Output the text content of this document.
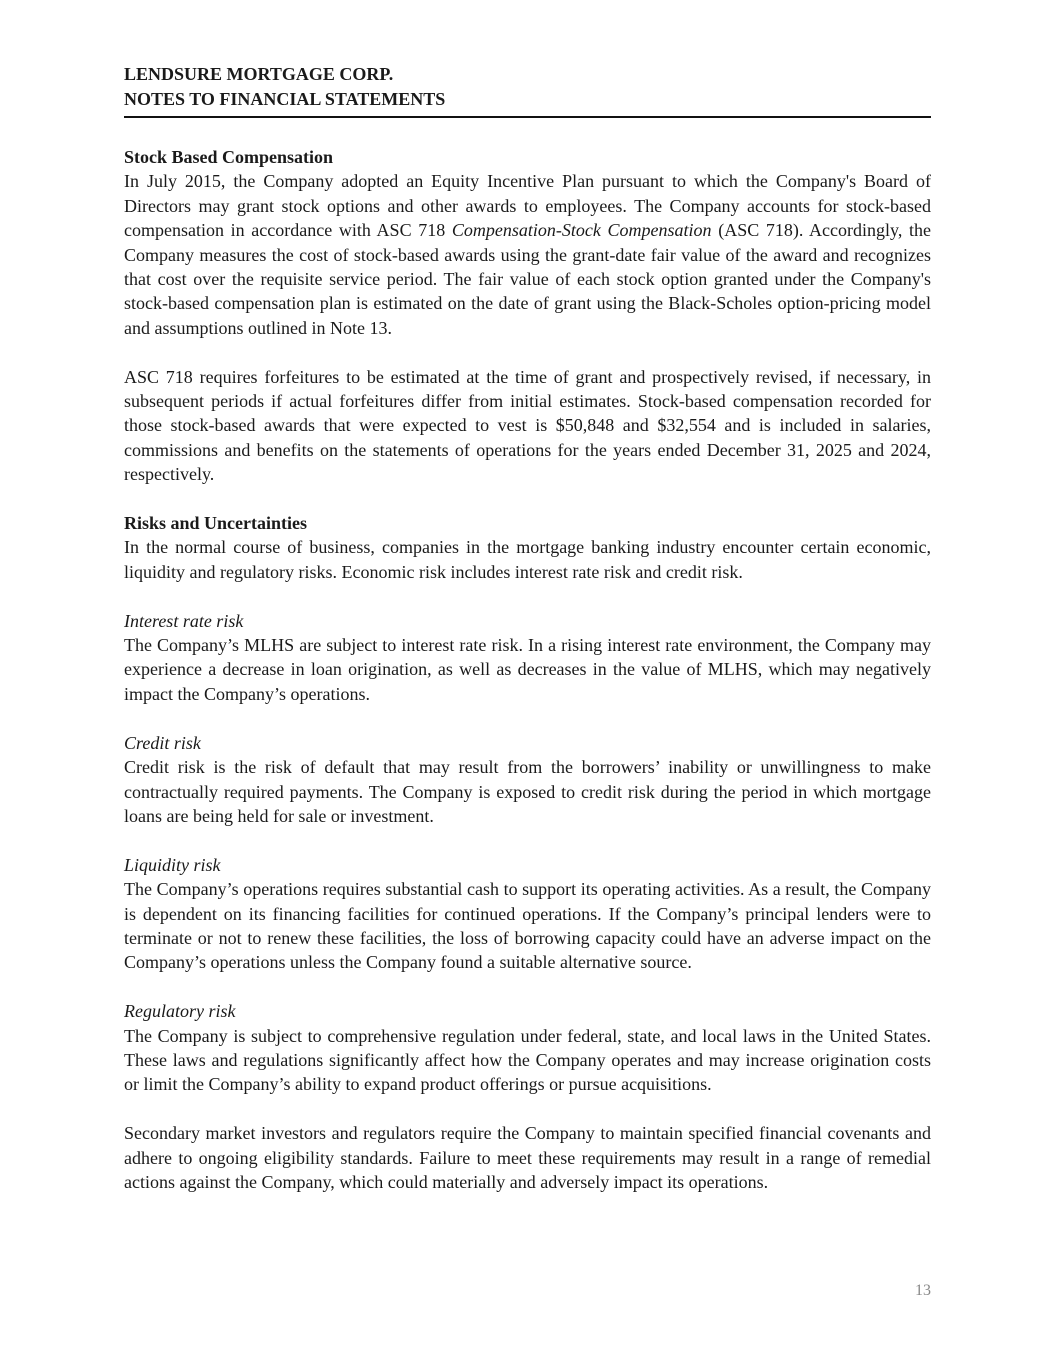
LENDSURE MORTGAGE CORP.
NOTES TO FINANCIAL STATEMENTS
Stock Based Compensation

In July 2015, the Company adopted an Equity Incentive Plan pursuant to which the Company's Board of Directors may grant stock options and other awards to employees. The Company accounts for stock-based compensation in accordance with ASC 718 Compensation-Stock Compensation (ASC 718). Accordingly, the Company measures the cost of stock-based awards using the grant-date fair value of the award and recognizes that cost over the requisite service period. The fair value of each stock option granted under the Company's stock-based compensation plan is estimated on the date of grant using the Black-Scholes option-pricing model and assumptions outlined in Note 13.

ASC 718 requires forfeitures to be estimated at the time of grant and prospectively revised, if necessary, in subsequent periods if actual forfeitures differ from initial estimates. Stock-based compensation recorded for those stock-based awards that were expected to vest is $50,848 and $32,554 and is included in salaries, commissions and benefits on the statements of operations for the years ended December 31, 2025 and 2024, respectively.

Risks and Uncertainties

In the normal course of business, companies in the mortgage banking industry encounter certain economic, liquidity and regulatory risks. Economic risk includes interest rate risk and credit risk.

Interest rate risk

The Company’s MLHS are subject to interest rate risk. In a rising interest rate environment, the Company may experience a decrease in loan origination, as well as decreases in the value of MLHS, which may negatively impact the Company’s operations.

Credit risk

Credit risk is the risk of default that may result from the borrowers’ inability or unwillingness to make contractually required payments. The Company is exposed to credit risk during the period in which mortgage loans are being held for sale or investment.

Liquidity risk

The Company’s operations requires substantial cash to support its operating activities. As a result, the Company is dependent on its financing facilities for continued operations. If the Company’s principal lenders were to terminate or not to renew these facilities, the loss of borrowing capacity could have an adverse impact on the Company’s operations unless the Company found a suitable alternative source.

Regulatory risk

The Company is subject to comprehensive regulation under federal, state, and local laws in the United States. These laws and regulations significantly affect how the Company operates and may increase origination costs or limit the Company’s ability to expand product offerings or pursue acquisitions.

Secondary market investors and regulators require the Company to maintain specified financial covenants and adhere to ongoing eligibility standards. Failure to meet these requirements may result in a range of remedial actions against the Company, which could materially and adversely impact its operations.

13
